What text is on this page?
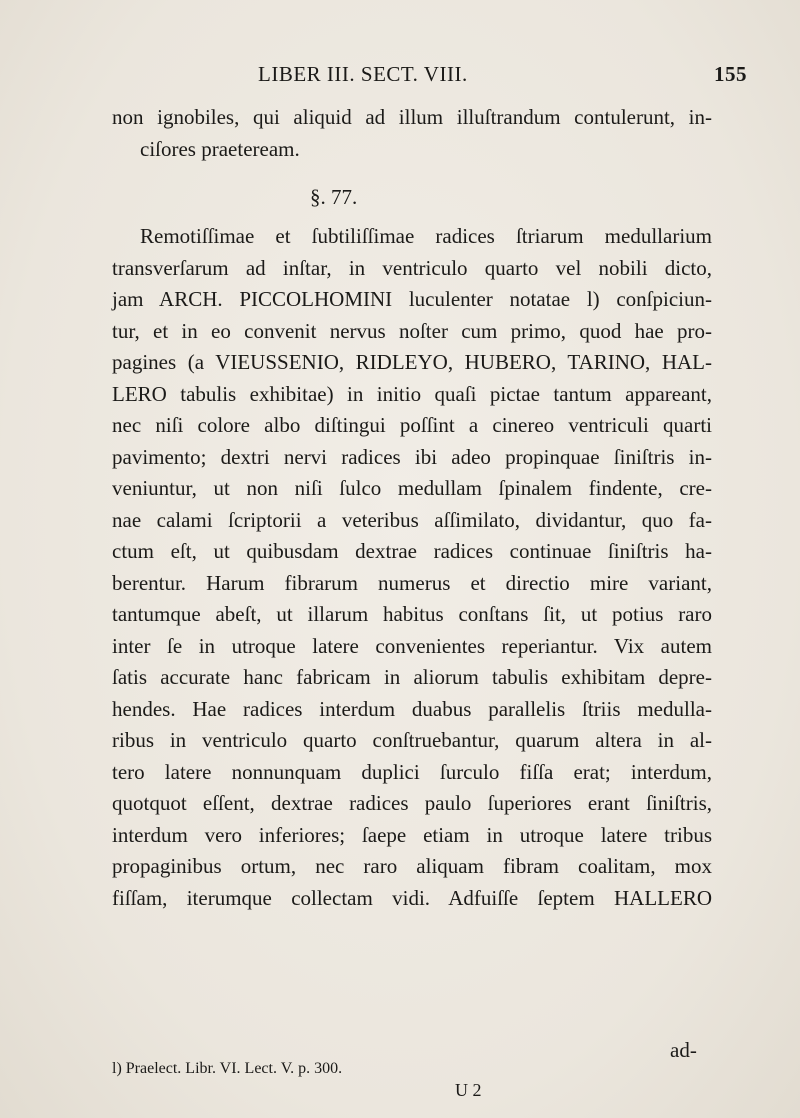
LIBER III. SECT. VIII.	155
non ignobiles, qui aliquid ad illum illuſtrandum contulerunt, in-
ciſores praeteream.
§. 77.
Remotiſſimae et ſubtiliſſimae radices ſtriarum medullarium
transverſarum ad inſtar, in ventriculo quarto vel nobili dicto,
jam ARCH. PICCOLHOMINI luculenter notatae l) conſpiciun-
tur, et in eo convenit nervus noſter cum primo, quod hae pro-
pagines (a VIEUSSENIO, RIDLEYO, HUBERO, TARINO, HAL-
LERO tabulis exhibitae) in initio quaſi pictae tantum appareant,
nec niſi colore albo diſtingui poſſint a cinereo ventriculi quarti
pavimento; dextri nervi radices ibi adeo propinquae ſiniſtris in-
veniuntur, ut non niſi ſulco medullam ſpinalem findente, cre-
nae calami ſcriptorii a veteribus aſſimilato, dividantur, quo fa-
ctum eſt, ut quibusdam dextrae radices continuae ſiniſtris ha-
berentur. Harum fibrarum numerus et directio mire variant,
tantumque abeſt, ut illarum habitus conſtans ſit, ut potius raro
inter ſe in utroque latere convenientes reperiantur. Vix autem
ſatis accurate hanc fabricam in aliorum tabulis exhibitam depre-
hendes. Hae radices interdum duabus parallelis ſtriis medulla-
ribus in ventriculo quarto conſtruebantur, quarum altera in al-
tero latere nonnunquam duplici ſurculo fiſſa erat; interdum,
quotquot eſſent, dextrae radices paulo ſuperiores erant ſiniſtris,
interdum vero inferiores; ſaepe etiam in utroque latere tribus
propaginibus ortum, nec raro aliquam fibram coalitam, mox
fiſſam, iterumque collectam vidi. Adfuiſſe ſeptem HALLERO
ad-
l) Praelect. Libr. VI. Lect. V. p. 300.
U 2
